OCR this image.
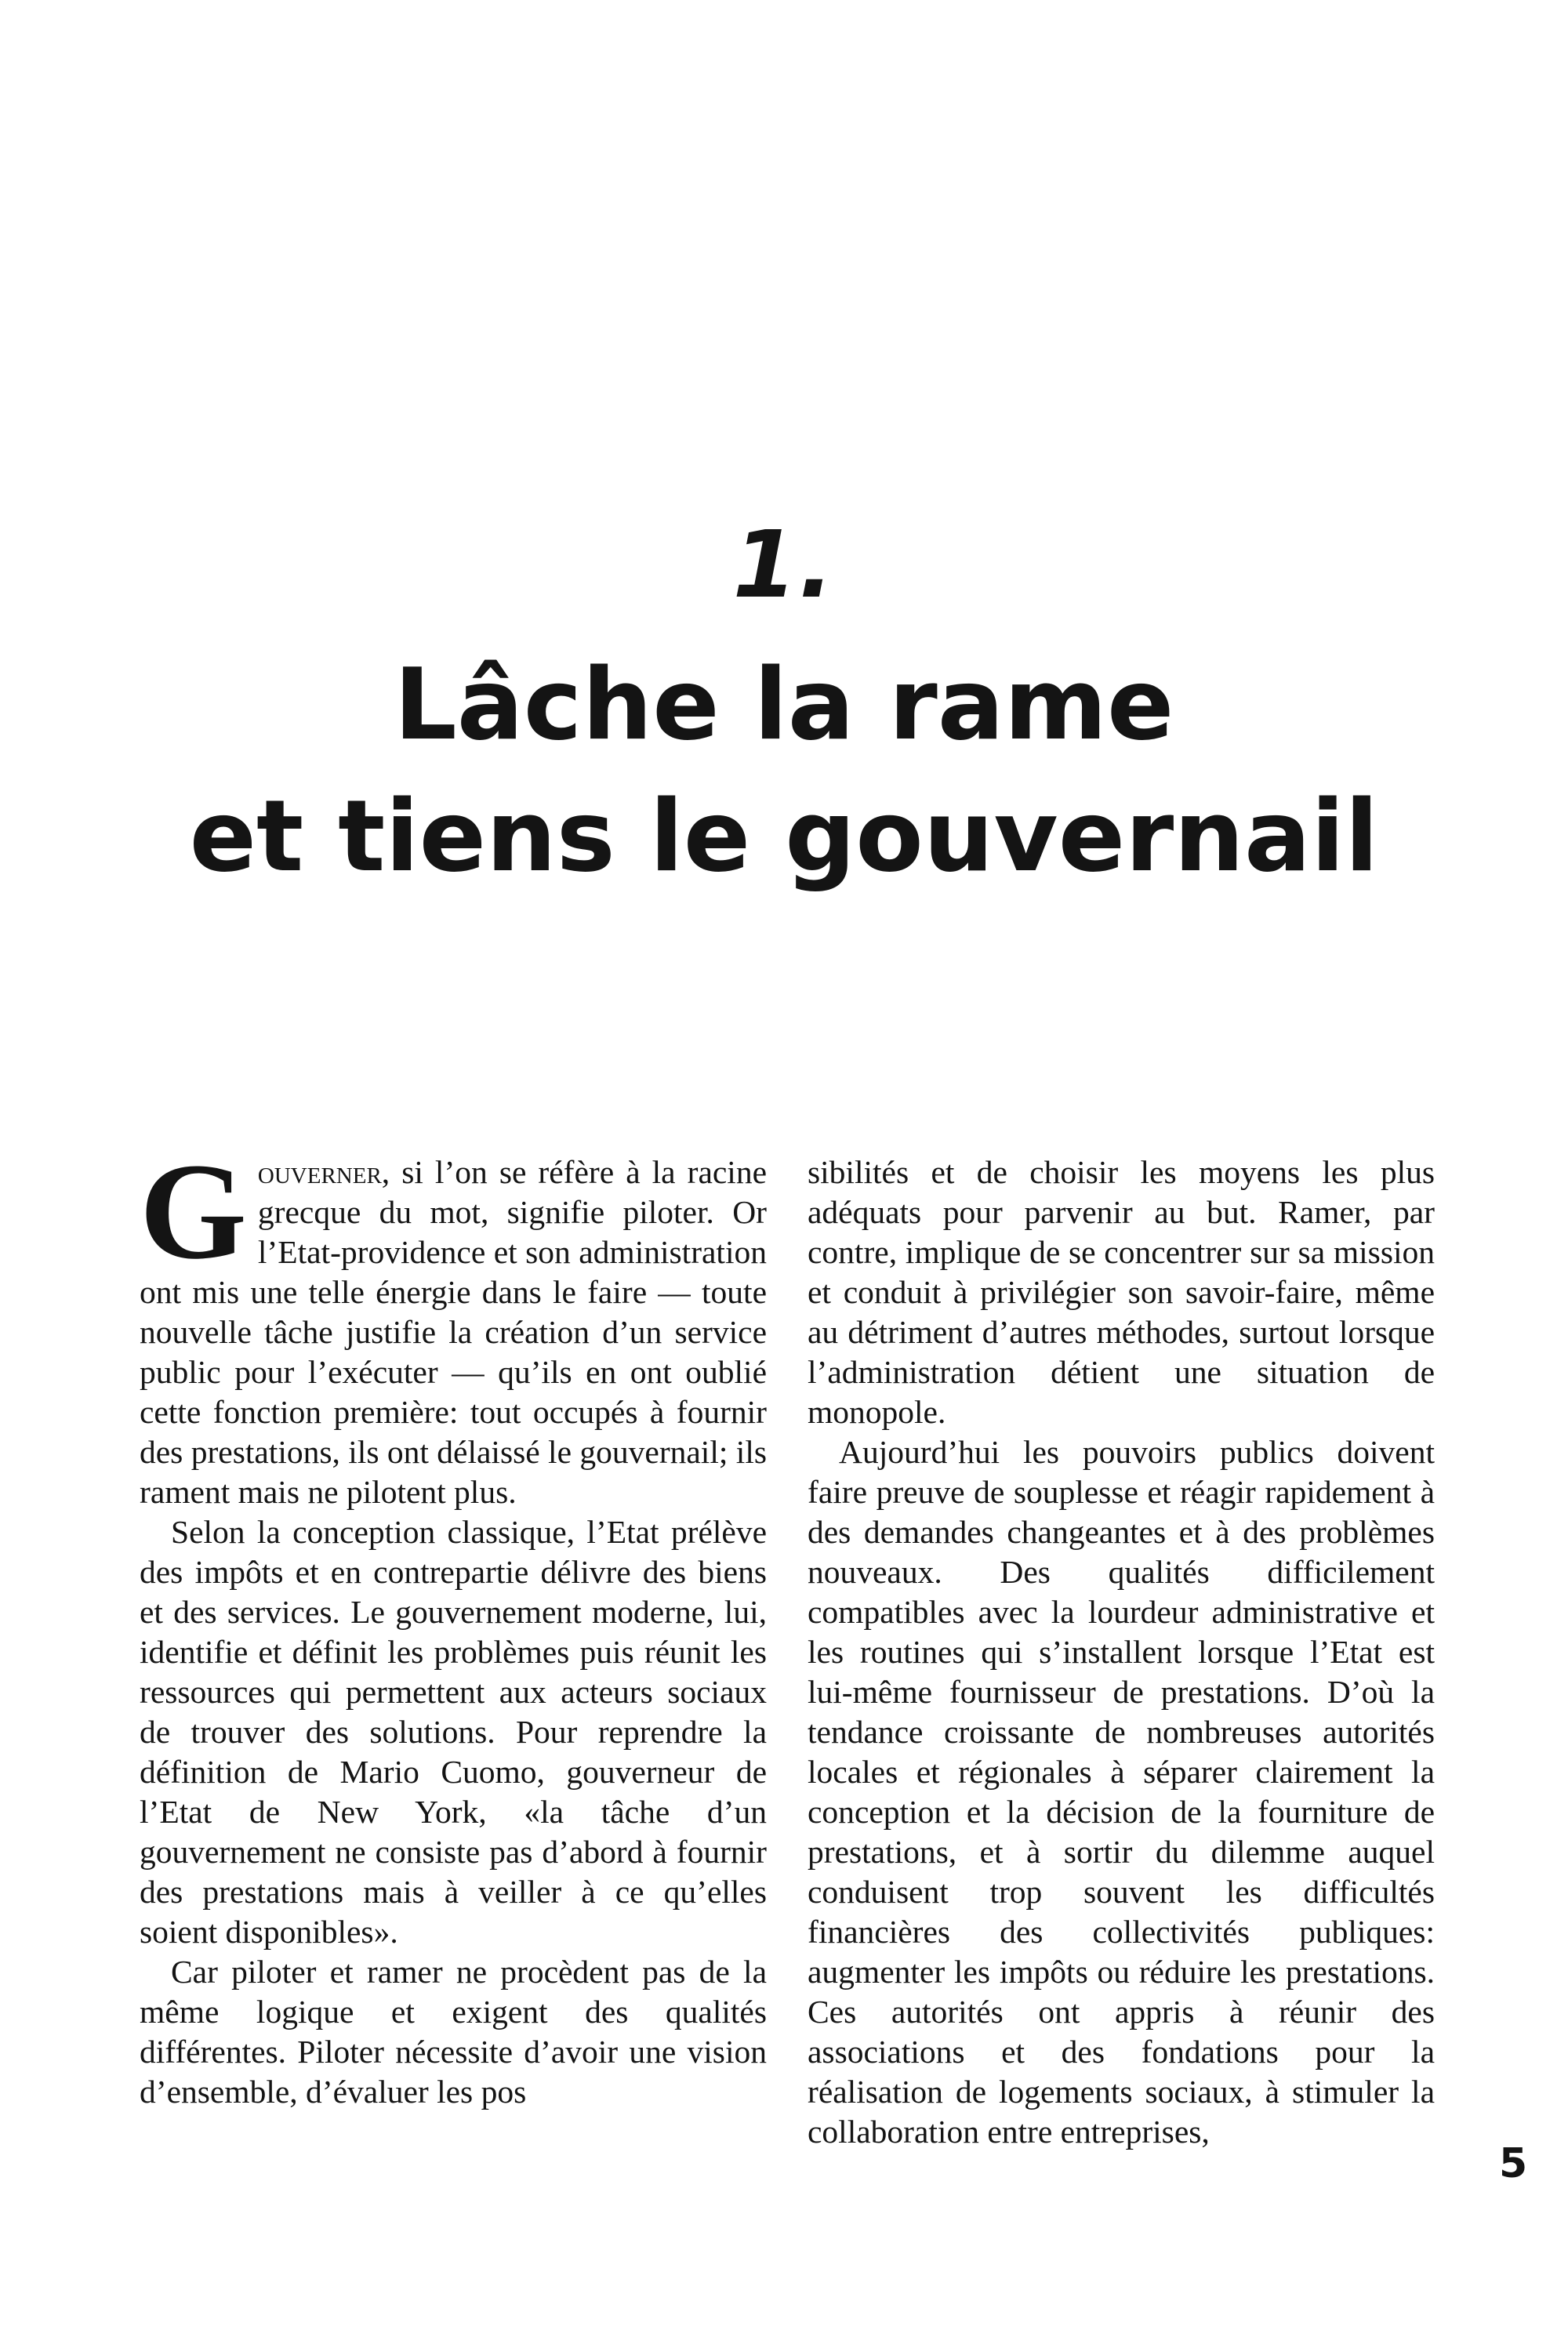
1.
Lâche la rame
et tiens le gouvernail

Gouverner, si l’on se réfère à la racine grecque du mot, signifie piloter. Or l’Etat-providence et son administration ont mis une telle énergie dans le faire — toute nouvelle tâche justifie la création d’un service public pour l’exécuter — qu’ils en ont oublié cette fonction première: tout occupés à fournir des prestations, ils ont délaissé le gouvernail; ils rament mais ne pilotent plus.

Selon la conception classique, l’Etat prélève des impôts et en contrepartie délivre des biens et des services. Le gouvernement moderne, lui, identifie et définit les problèmes puis réunit les ressources qui permettent aux acteurs sociaux de trouver des solutions. Pour reprendre la définition de Mario Cuomo, gouverneur de l’Etat de New York, «la tâche d’un gouvernement ne consiste pas d’abord à fournir des prestations mais à veiller à ce qu’elles soient disponibles».

Car piloter et ramer ne procèdent pas de la même logique et exigent des qualités différentes. Piloter nécessite d’avoir une vision d’ensemble, d’évaluer les pos

sibilités et de choisir les moyens les plus adéquats pour parvenir au but. Ramer, par contre, implique de se concentrer sur sa mission et conduit à privilégier son savoir-faire, même au détriment d’autres méthodes, surtout lorsque l’administration détient une situation de monopole.

Aujourd’hui les pouvoirs publics doivent faire preuve de souplesse et réagir rapidement à des demandes changeantes et à des problèmes nouveaux. Des qualités difficilement compatibles avec la lourdeur administrative et les routines qui s’installent lorsque l’Etat est lui-même fournisseur de prestations. D’où la tendance croissante de nombreuses autorités locales et régionales à séparer clairement la conception et la décision de la fourniture de prestations, et à sortir du dilemme auquel conduisent trop souvent les difficultés financières des collectivités publiques: augmenter les impôts ou réduire les prestations. Ces autorités ont appris à réunir des associations et des fondations pour la réalisation de logements sociaux, à stimuler la collaboration entre entreprises,

5
